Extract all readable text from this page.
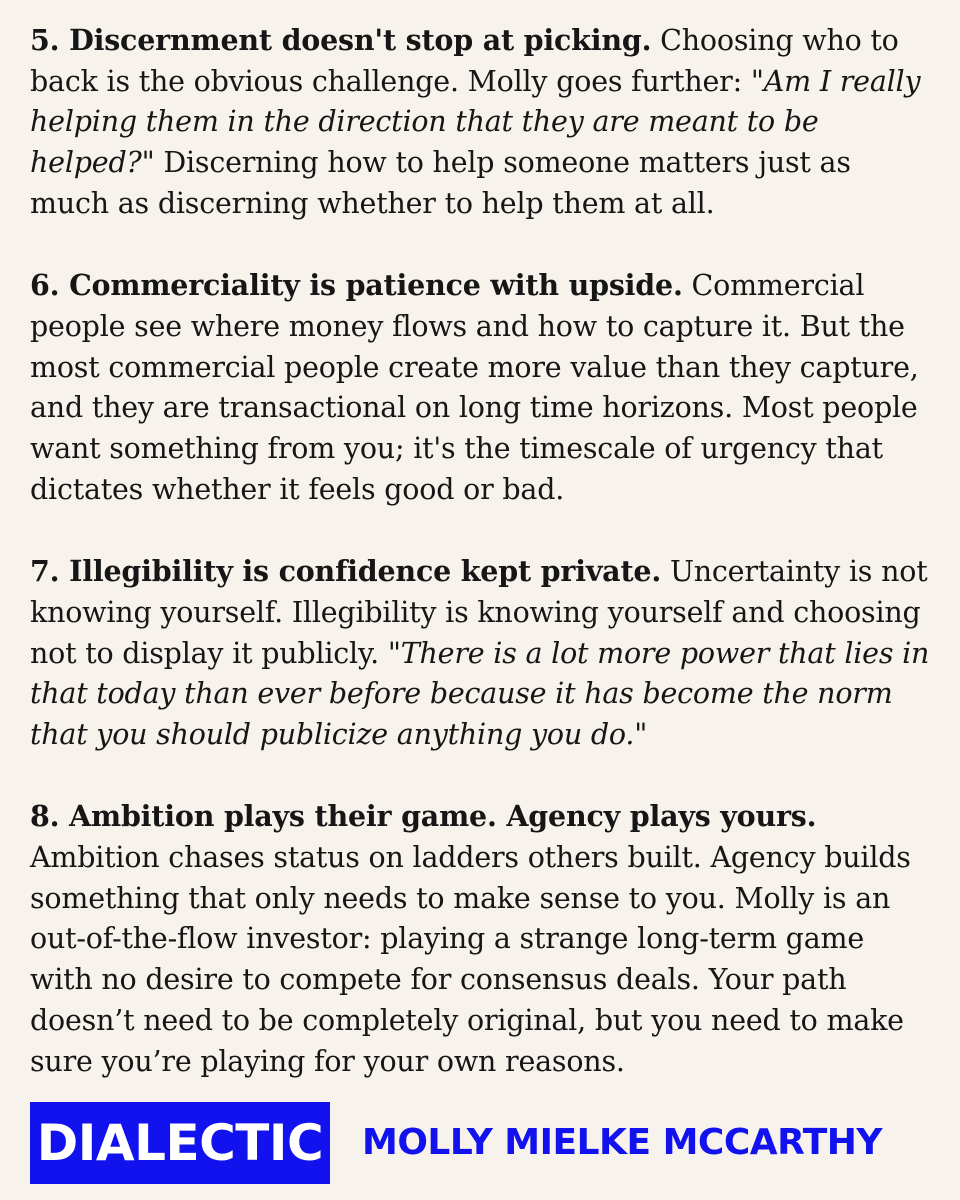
5. Discernment doesn't stop at picking. Choosing who to back is the obvious challenge. Molly goes further: "Am I really helping them in the direction that they are meant to be helped?" Discerning how to help someone matters just as much as discerning whether to help them at all.

6. Commerciality is patience with upside. Commercial people see where money flows and how to capture it. But the most commercial people create more value than they capture, and they are transactional on long time horizons. Most people want something from you; it's the timescale of urgency that dictates whether it feels good or bad.

7. Illegibility is confidence kept private. Uncertainty is not knowing yourself. Illegibility is knowing yourself and choosing not to display it publicly. "There is a lot more power that lies in that today than ever before because it has become the norm that you should publicize anything you do."

8. Ambition plays their game. Agency plays yours. Ambition chases status on ladders others built. Agency builds something that only needs to make sense to you. Molly is an out-of-the-flow investor: playing a strange long-term game with no desire to compete for consensus deals. Your path doesn’t need to be completely original, but you need to make sure you’re playing for your own reasons.

DIALECTIC MOLLY MIELKE MCCARTHY
